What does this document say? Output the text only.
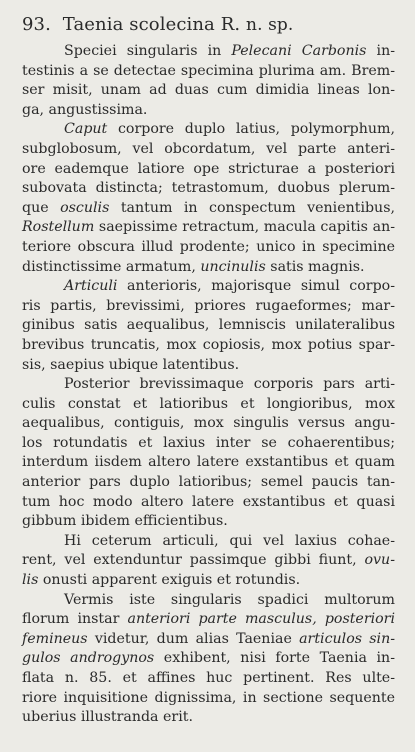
93. Taenia scolecina R. n. sp.
Speciei singularis in Pelecani Carbonis in-
testinis a se detectae specimina plurima am. Brem-
ser misit, unam ad duas cum dimidia lineas lon-
ga, angustissima.
Caput corpore duplo latius, polymorphum,
subglobosum, vel obcordatum, vel parte anteri-
ore eademque latiore ope stricturae a posteriori
subovata distincta; tetrastomum, duobus plerum-
que osculis tantum in conspectum venientibus,
Rostellum saepissime retractum, macula capitis an-
teriore obscura illud prodente; unico in specimine
distinctissime armatum, uncinulis satis magnis.
Articuli anterioris, majorisque simul corpo-
ris partis, brevissimi, priores rugaeformes; mar-
ginibus satis aequalibus, lemniscis unilateralibus
brevibus truncatis, mox copiosis, mox potius spar-
sis, saepius ubique latentibus.
Posterior brevissimaque corporis pars arti-
culis constat et latioribus et longioribus, mox
aequalibus, contiguis, mox singulis versus angu-
los rotundatis et laxius inter se cohaerentibus;
interdum iisdem altero latere exstantibus et quam
anterior pars duplo latioribus; semel paucis tan-
tum hoc modo altero latere exstantibus et quasi
gibbum ibidem efficientibus.
Hi ceterum articuli, qui vel laxius cohae-
rent, vel extenduntur passimque gibbi fiunt, ovu-
lis onusti apparent exiguis et rotundis.
Vermis iste singularis spadici multorum
florum instar anteriori parte masculus, posteriori
femineus videtur, dum alias Taeniae articulos sin-
gulos androgynos exhibent, nisi forte Taenia in-
flata n. 85. et affines huc pertinent. Res ulte-
riore inquisitione dignissima, in sectione sequente
uberius illustranda erit.
